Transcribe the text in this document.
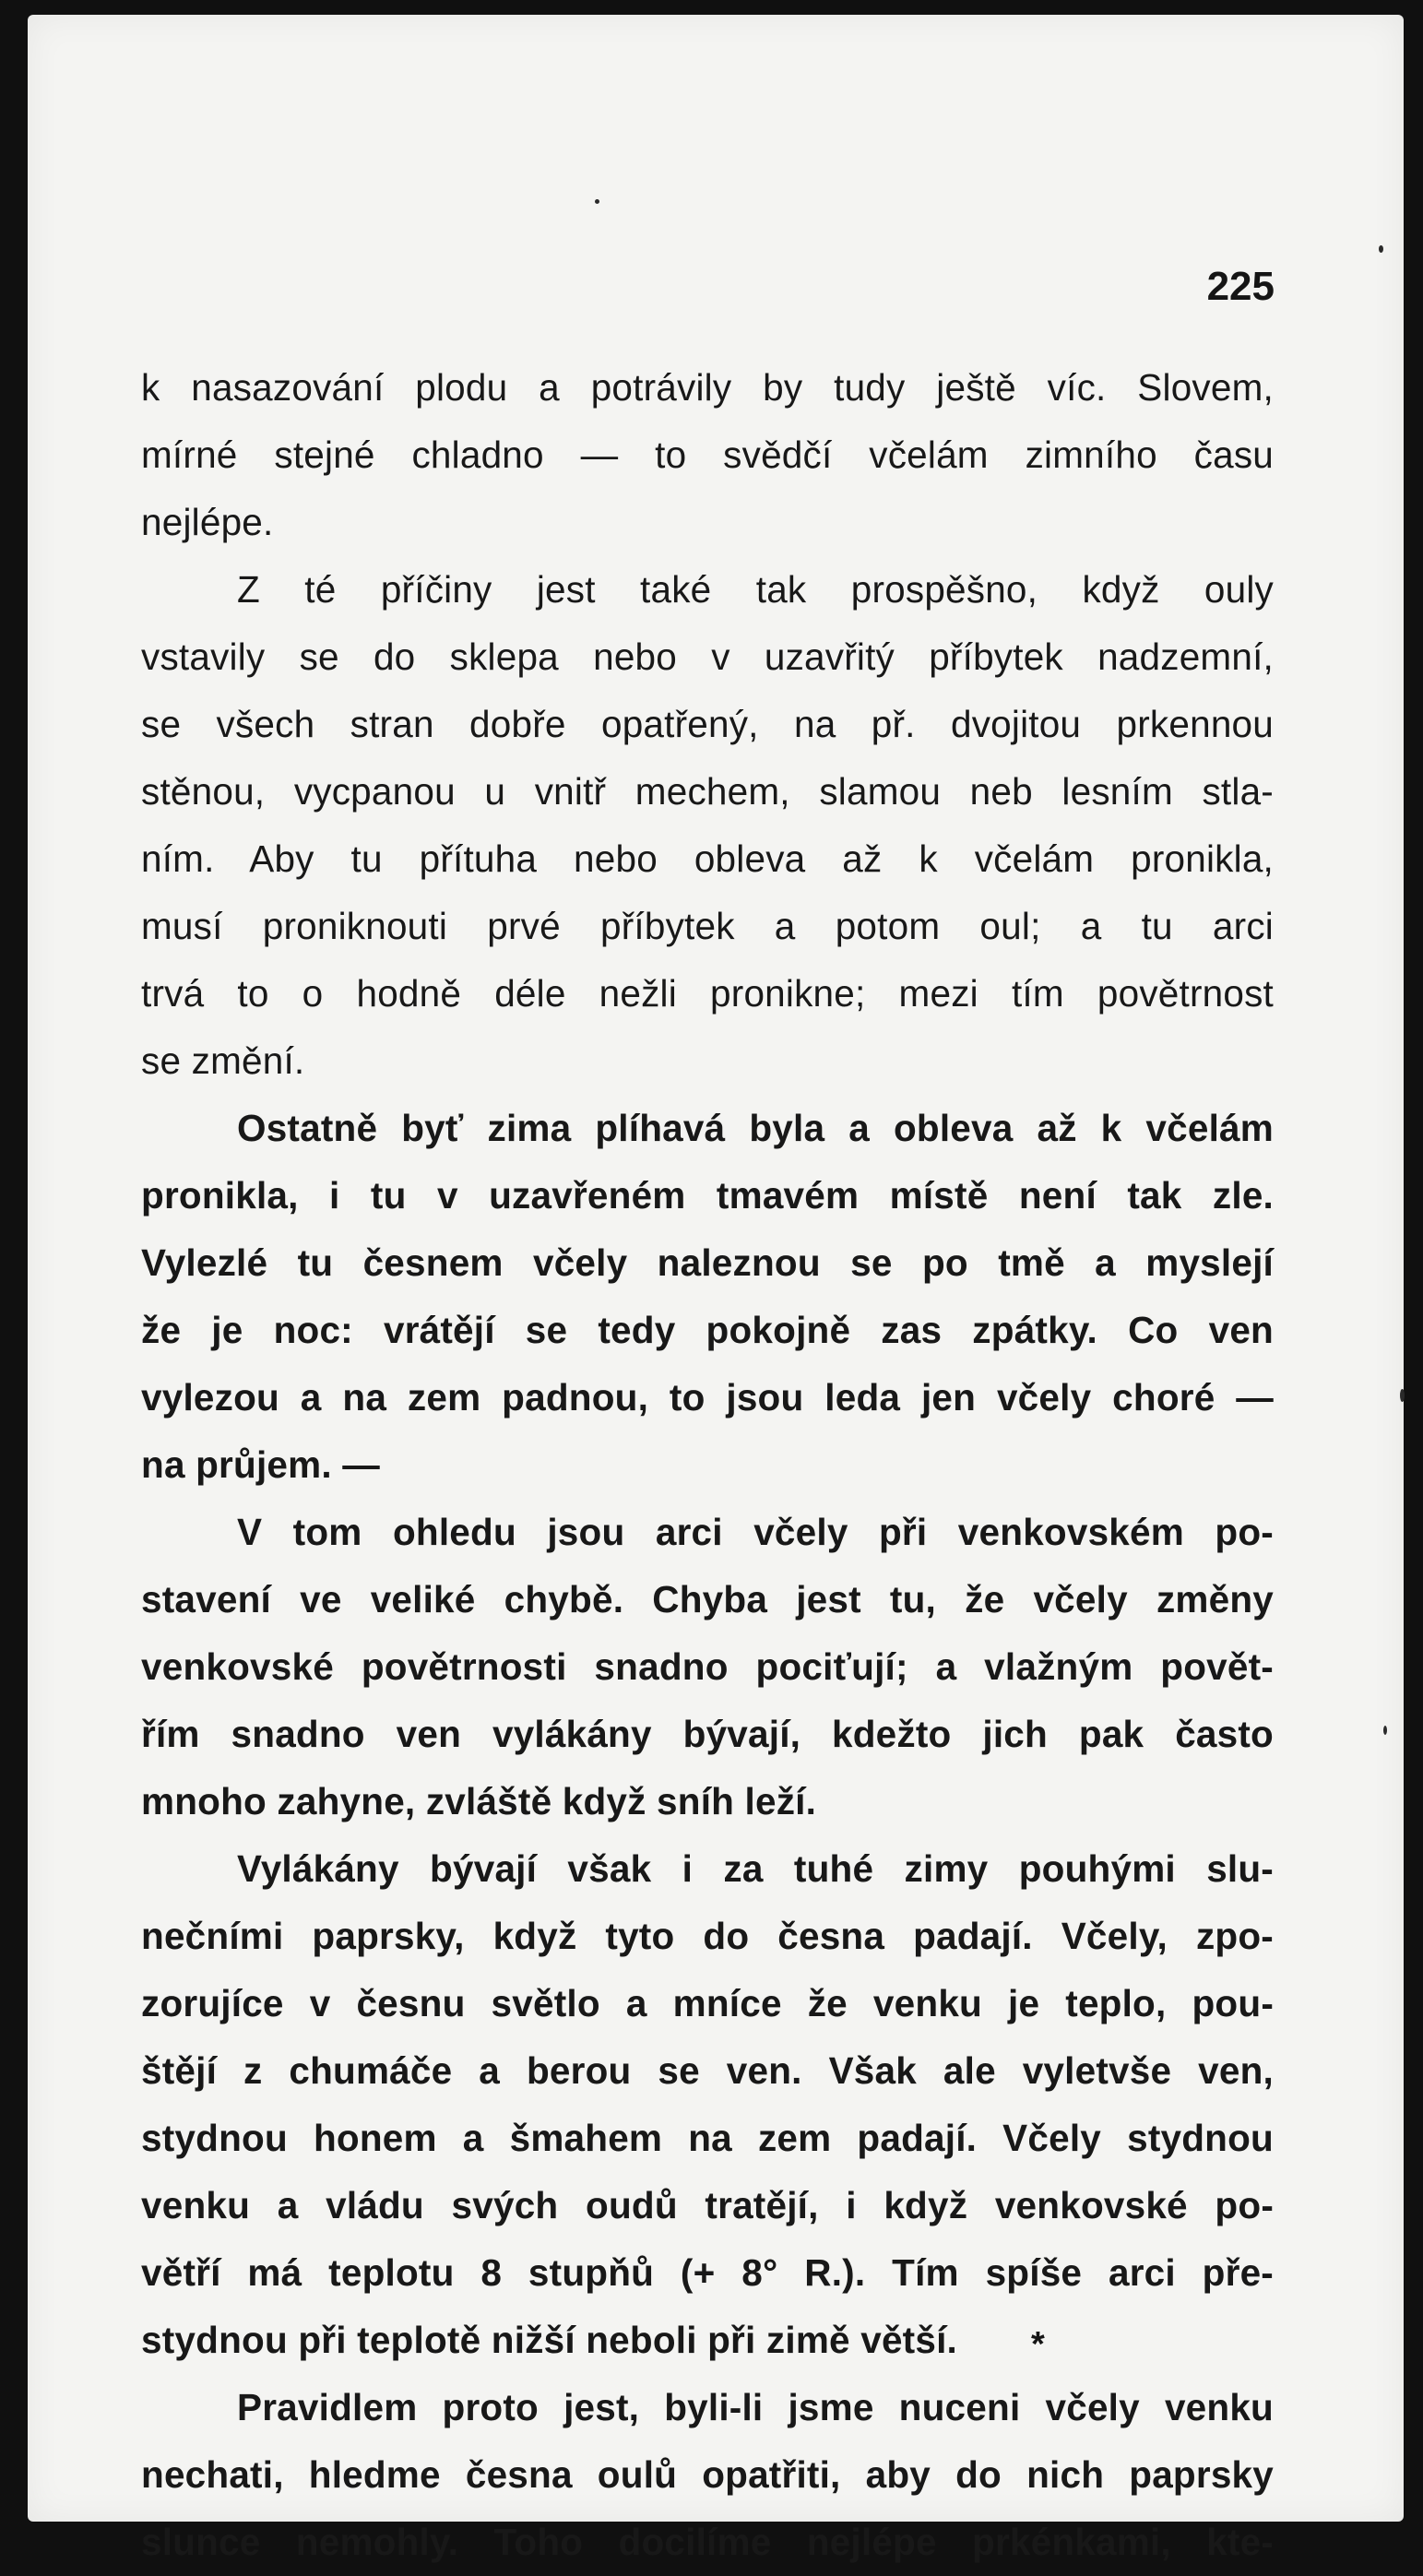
225
k nasazování plodu a potrávily by tudy ještě víc. Slovem,
mírné stejné chladno — to svědčí včelám zimního času
nejlépe.
Z té příčiny jest také tak prospěšno, když ouly
vstavily se do sklepa nebo v uzavřitý příbytek nadzemní,
se všech stran dobře opatřený, na př. dvojitou prkennou
stěnou, vycpanou u vnitř mechem, slamou neb lesním stla-
ním. Aby tu přítuha nebo obleva až k včelám pronikla,
musí proniknouti prvé příbytek a potom oul; a tu arci
trvá to o hodně déle nežli pronikne; mezi tím povětrnost
se změní.
Ostatně byť zima plíhavá byla a obleva až k včelám
pronikla, i tu v uzavřeném tmavém místě není tak zle.
Vylezlé tu česnem včely naleznou se po tmě a myslejí
že je noc: vrátějí se tedy pokojně zas zpátky. Co ven
vylezou a na zem padnou, to jsou leda jen včely choré —
na průjem. —
V tom ohledu jsou arci včely při venkovském po-
stavení ve veliké chybě. Chyba jest tu, že včely změny
venkovské povětrnosti snadno pociťují; a vlažným povět-
řím snadno ven vylákány bývají, kdežto jich pak často
mnoho zahyne, zvláště když sníh leží.
Vylákány bývají však i za tuhé zimy pouhými slu-
nečními paprsky, když tyto do česna padají. Včely, zpo-
zorujíce v česnu světlo a mníce že venku je teplo, pou-
štějí z chumáče a berou se ven. Však ale vyletvše ven,
stydnou honem a šmahem na zem padají. Včely stydnou
venku a vládu svých oudů tratějí, i když venkovské po-
větří má teplotu 8 stupňů (+ 8° R.). Tím spíše arci pře-
stydnou při teplotě nižší neboli při zimě větší.
Pravidlem proto jest, byli-li jsme nuceni včely venku
nechati, hledme česna oulů opatřiti, aby do nich paprsky
slunce nemohly. Toho docilíme nejlépe prkénkami, kte-
*
